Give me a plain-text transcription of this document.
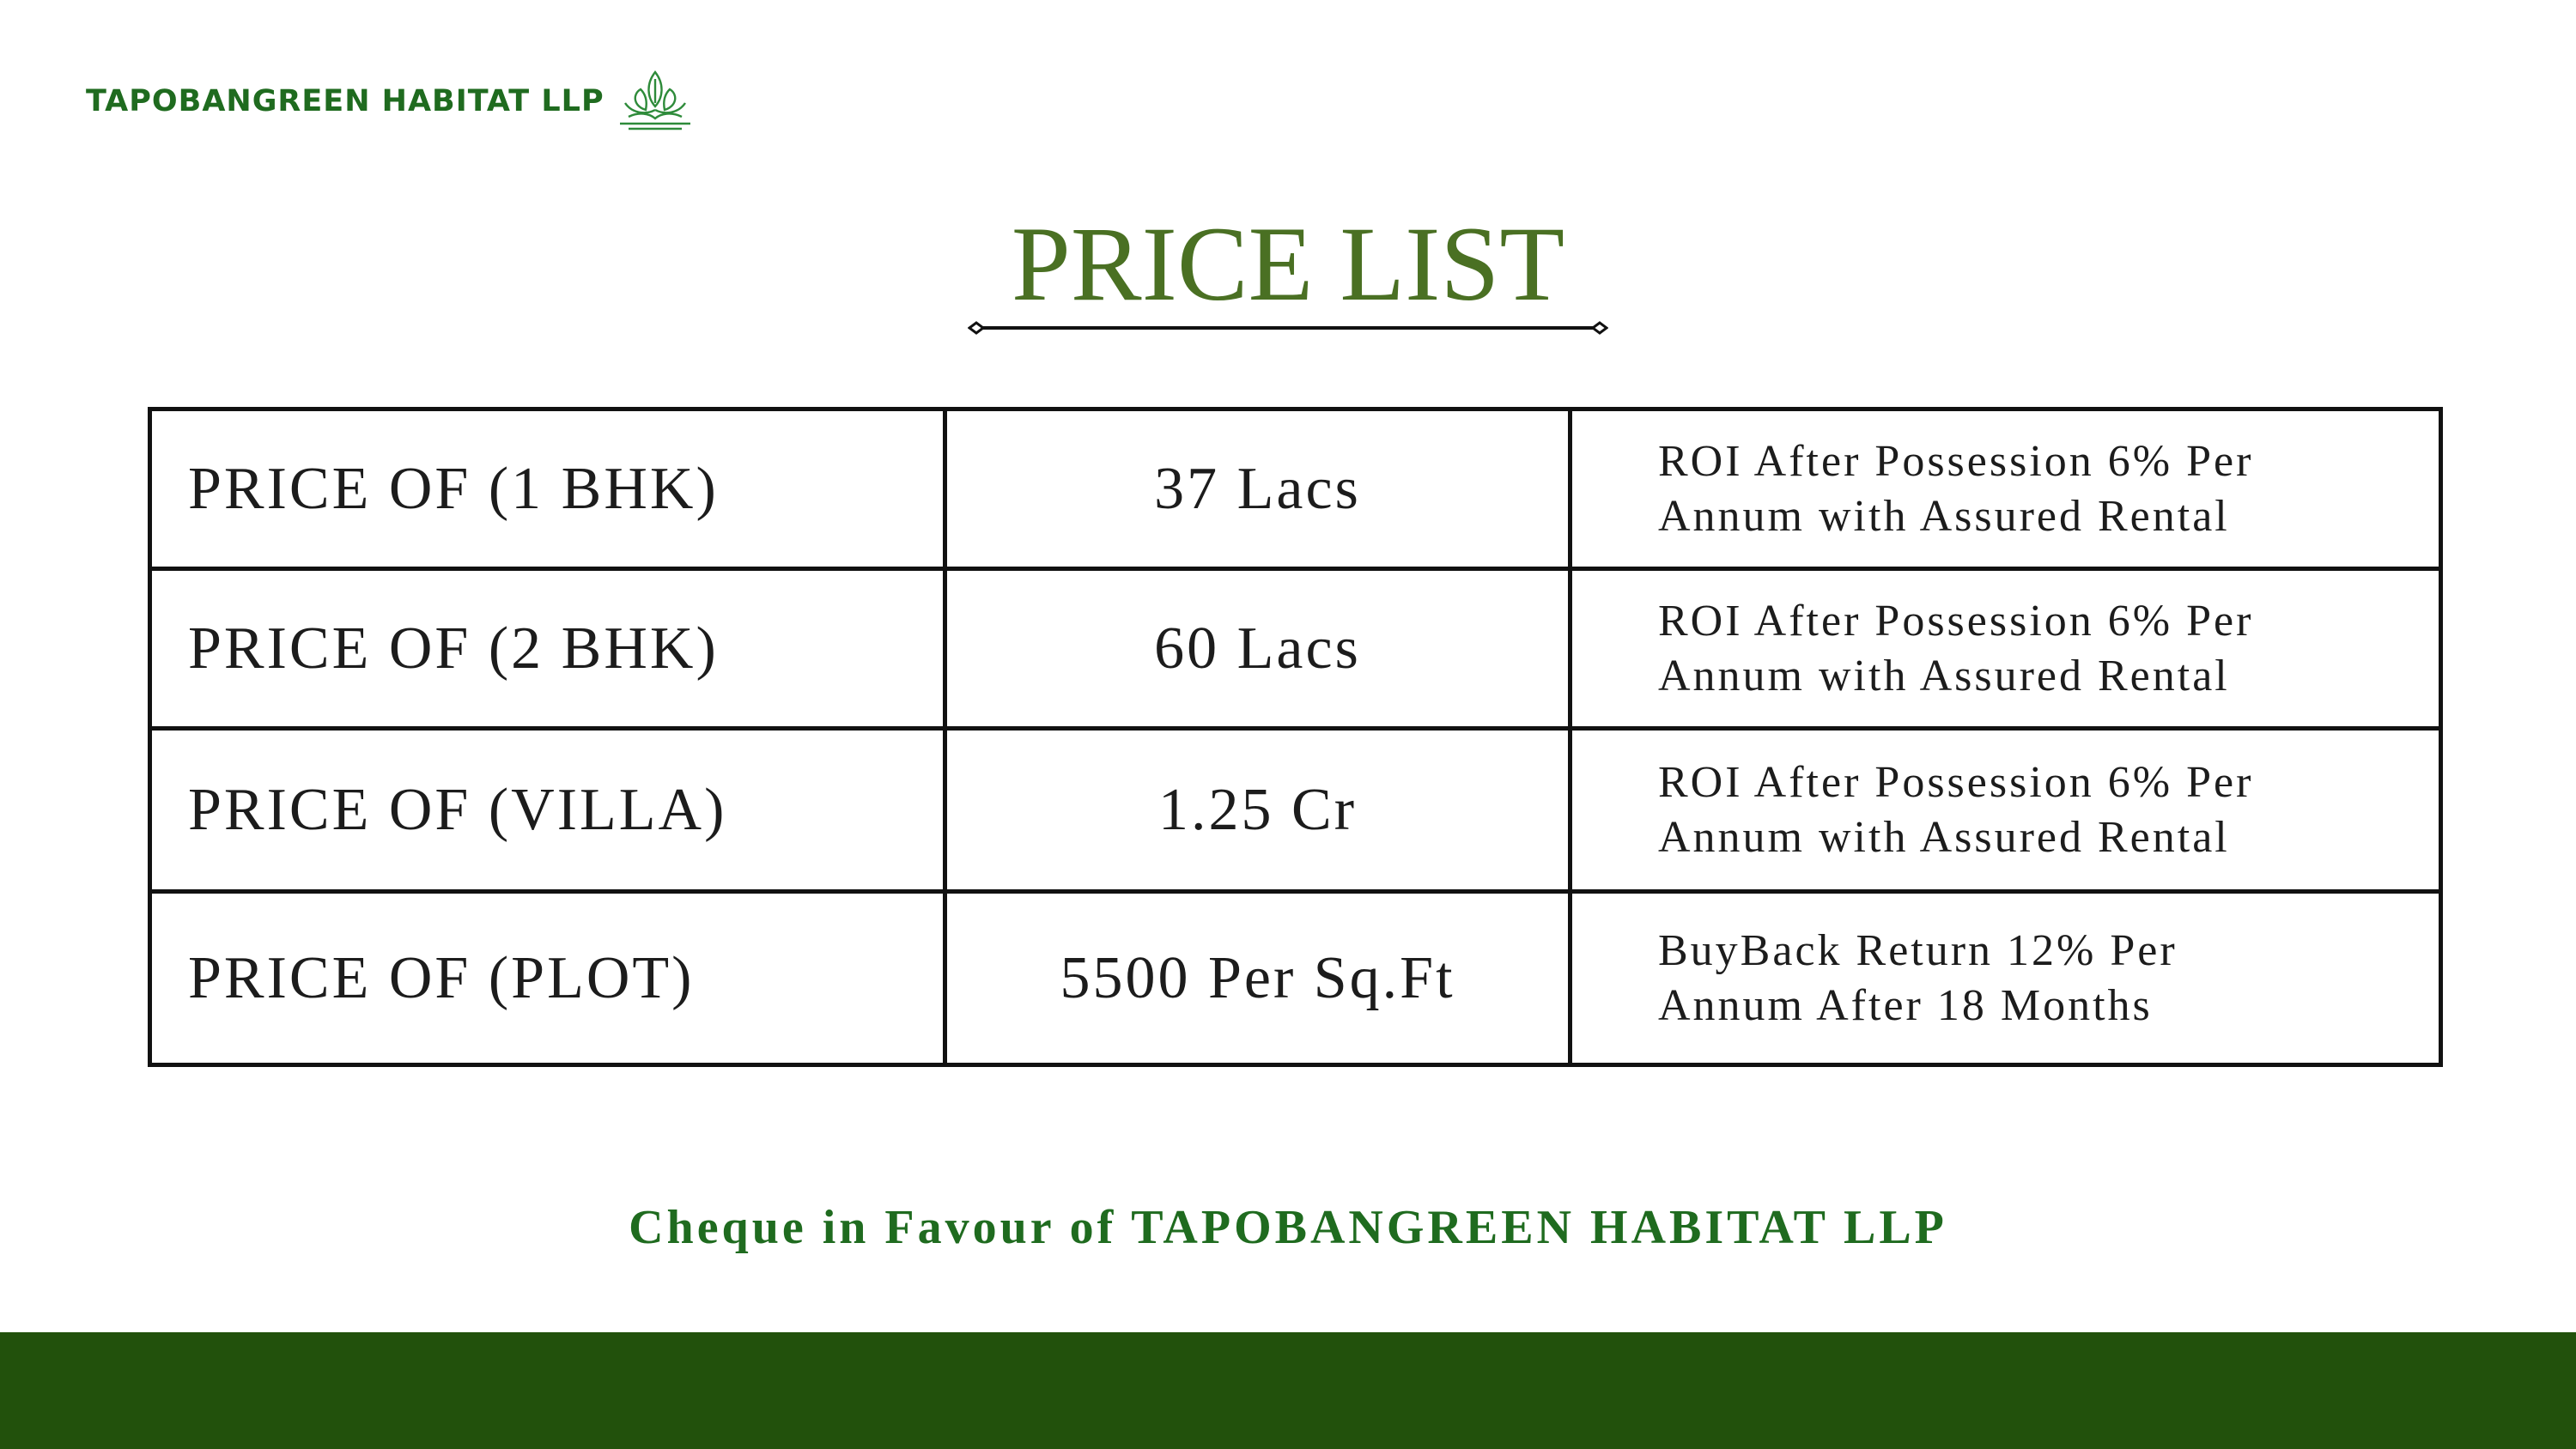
TAPOBANGREEN HABITAT LLP
PRICE LIST
PRICE OF (1 BHK)	37 Lacs	ROI After Possession 6% Per
Annum with Assured Rental

PRICE OF (2 BHK)	60 Lacs	ROI After Possession 6% Per
Annum with Assured Rental

PRICE OF (VILLA)	1.25 Cr	ROI After Possession 6% Per
Annum with Assured Rental

PRICE OF (PLOT)	5500 Per Sq.Ft	BuyBack Return 12% Per
Annum After 18 Months
Cheque in Favour of TAPOBANGREEN HABITAT LLP
